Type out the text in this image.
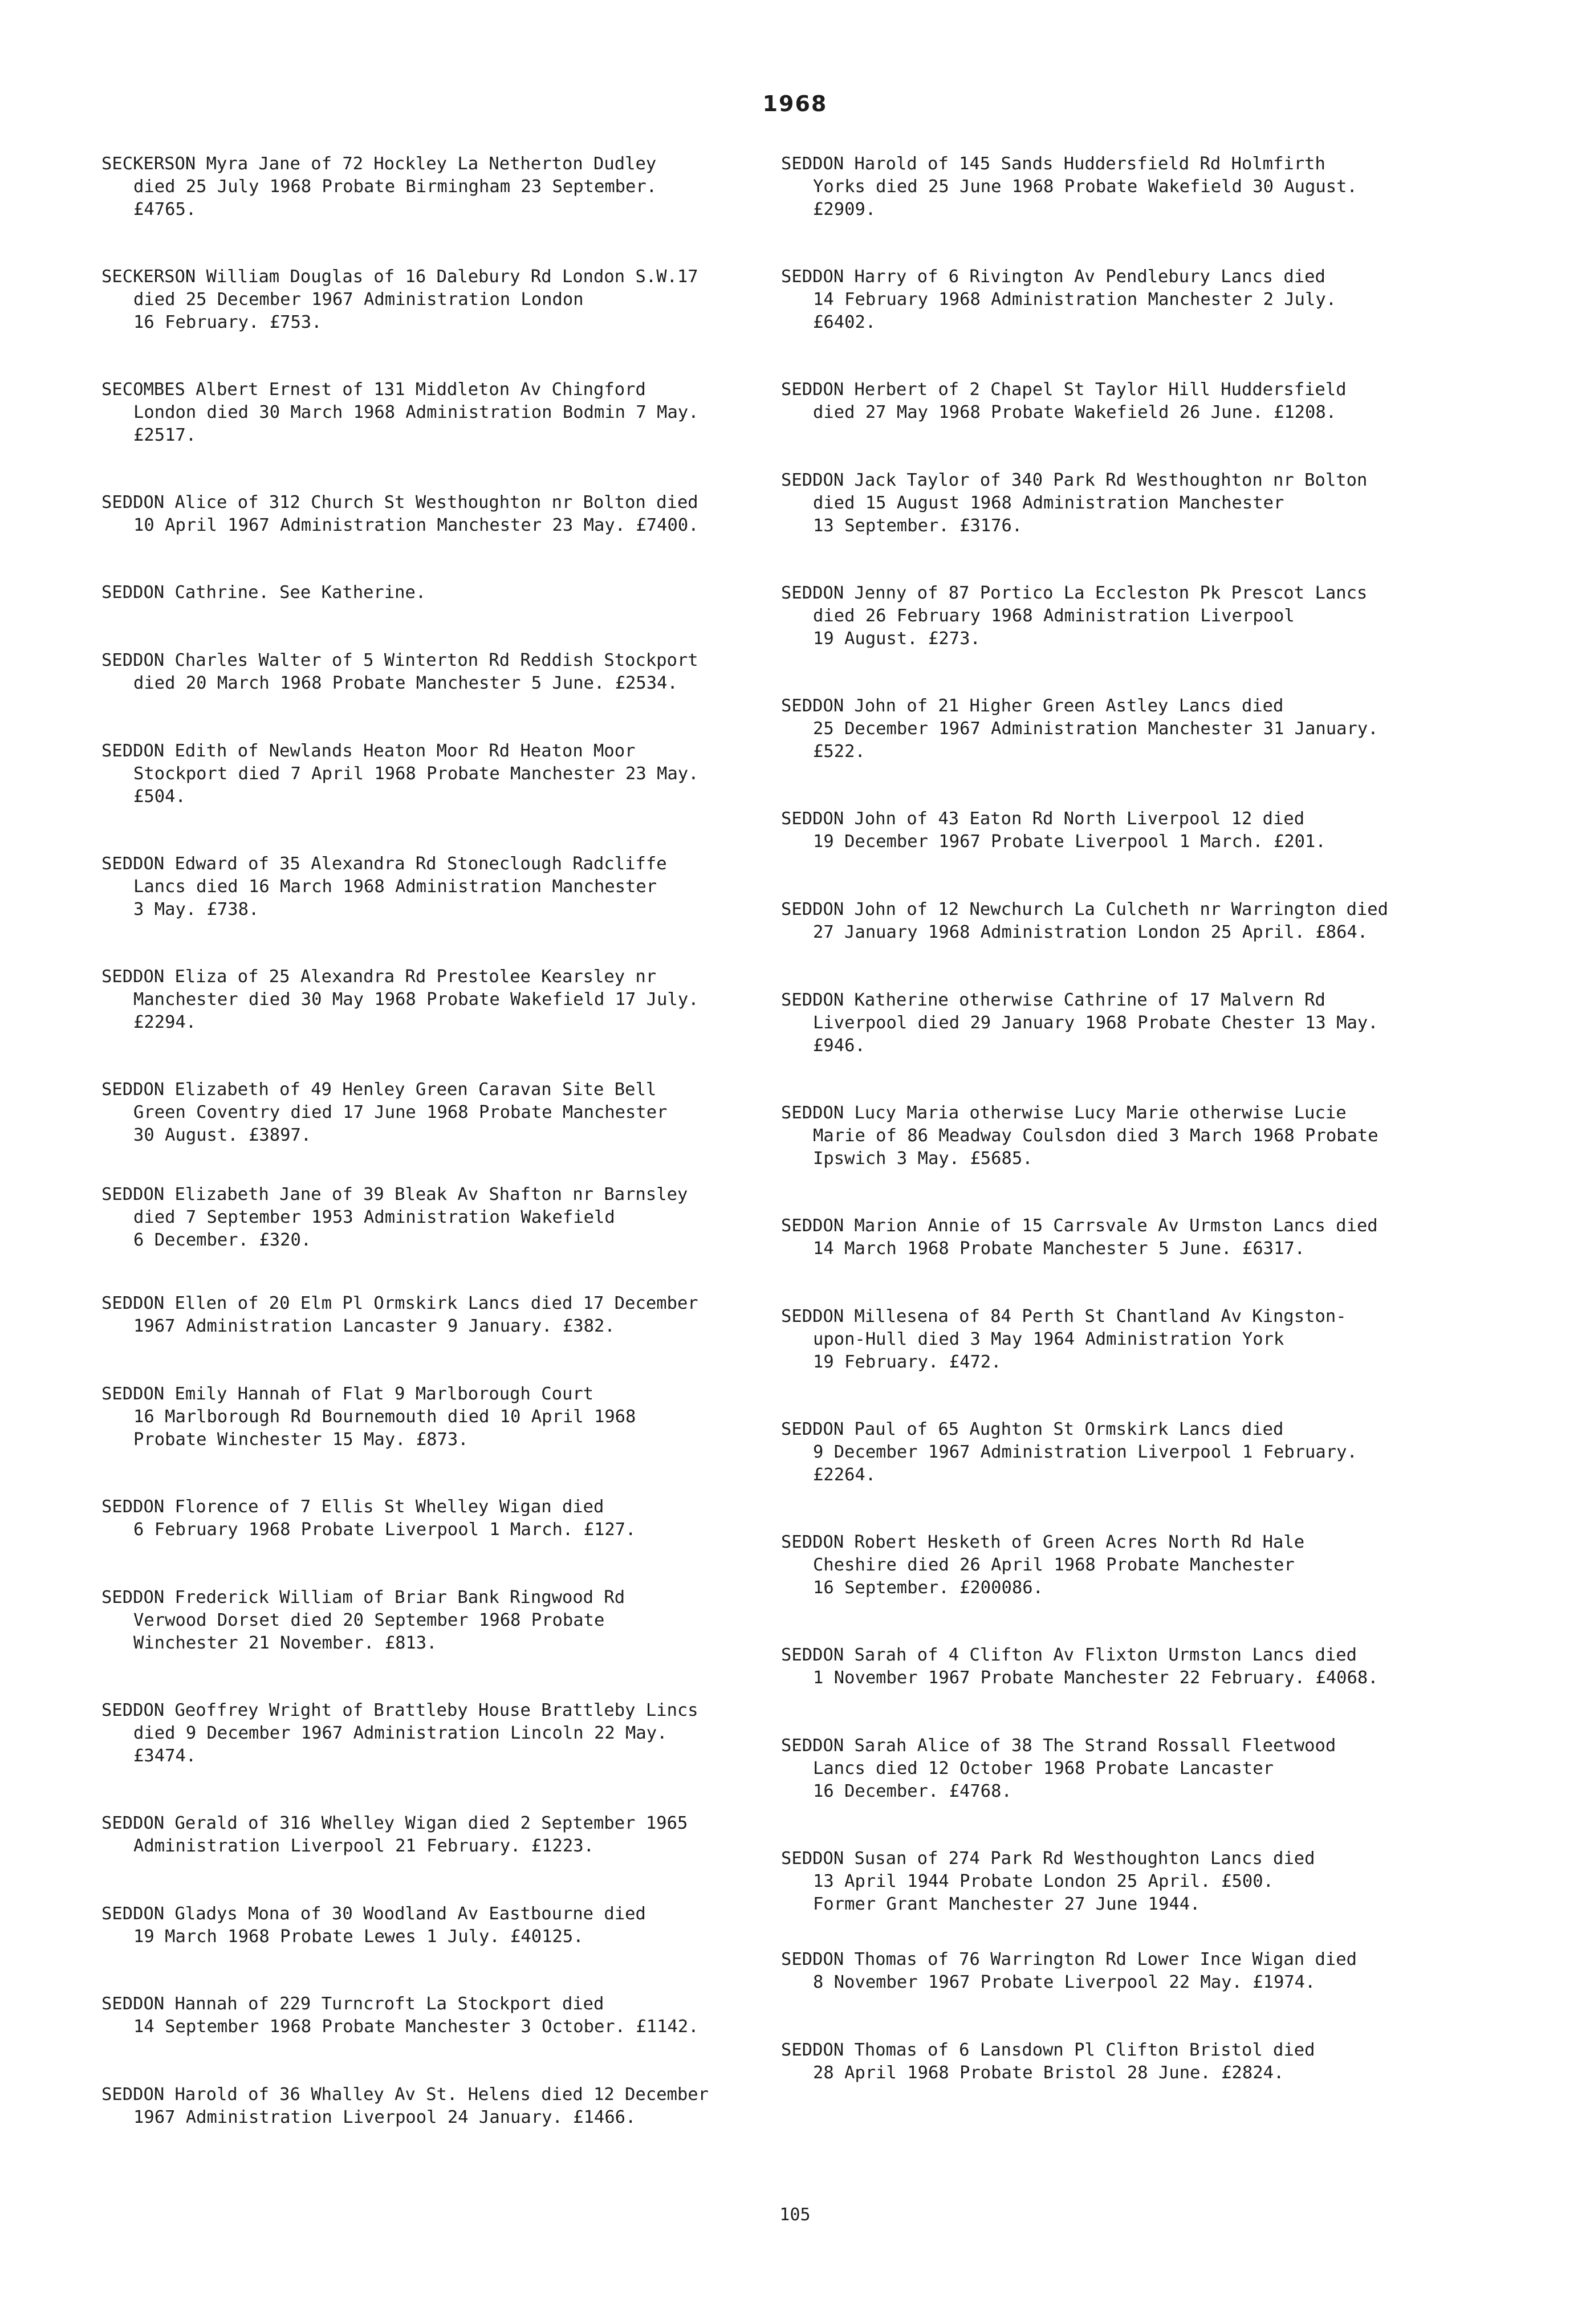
1968
SECKERSON Myra Jane of 72 Hockley La Netherton Dudley
died 25 July 1968 Probate Birmingham 23 September.
£4765.
SECKERSON William Douglas of 16 Dalebury Rd London S.W.17
died 25 December 1967 Administration London
16 February. £753.
SECOMBES Albert Ernest of 131 Middleton Av Chingford
London died 30 March 1968 Administration Bodmin 7 May.
£2517.
SEDDON Alice of 312 Church St Westhoughton nr Bolton died
10 April 1967 Administration Manchester 23 May. £7400.
SEDDON Cathrine. See Katherine.
SEDDON Charles Walter of 5 Winterton Rd Reddish Stockport
died 20 March 1968 Probate Manchester 5 June. £2534.
SEDDON Edith of Newlands Heaton Moor Rd Heaton Moor
Stockport died 7 April 1968 Probate Manchester 23 May.
£504.
SEDDON Edward of 35 Alexandra Rd Stoneclough Radcliffe
Lancs died 16 March 1968 Administration Manchester
3 May. £738.
SEDDON Eliza of 25 Alexandra Rd Prestolee Kearsley nr
Manchester died 30 May 1968 Probate Wakefield 17 July.
£2294.
SEDDON Elizabeth of 49 Henley Green Caravan Site Bell
Green Coventry died 17 June 1968 Probate Manchester
30 August. £3897.
SEDDON Elizabeth Jane of 39 Bleak Av Shafton nr Barnsley
died 7 September 1953 Administration Wakefield
6 December. £320.
SEDDON Ellen of 20 Elm Pl Ormskirk Lancs died 17 December
1967 Administration Lancaster 9 January. £382.
SEDDON Emily Hannah of Flat 9 Marlborough Court
16 Marlborough Rd Bournemouth died 10 April 1968
Probate Winchester 15 May. £873.
SEDDON Florence of 7 Ellis St Whelley Wigan died
6 February 1968 Probate Liverpool 1 March. £127.
SEDDON Frederick William of Briar Bank Ringwood Rd
Verwood Dorset died 20 September 1968 Probate
Winchester 21 November. £813.
SEDDON Geoffrey Wright of Brattleby House Brattleby Lincs
died 9 December 1967 Administration Lincoln 22 May.
£3474.
SEDDON Gerald of 316 Whelley Wigan died 2 September 1965
Administration Liverpool 21 February. £1223.
SEDDON Gladys Mona of 30 Woodland Av Eastbourne died
19 March 1968 Probate Lewes 1 July. £40125.
SEDDON Hannah of 229 Turncroft La Stockport died
14 September 1968 Probate Manchester 3 October. £1142.
SEDDON Harold of 36 Whalley Av St. Helens died 12 December
1967 Administration Liverpool 24 January. £1466.
SEDDON Harold of 145 Sands Huddersfield Rd Holmfirth
Yorks died 25 June 1968 Probate Wakefield 30 August.
£2909.
SEDDON Harry of 6 Rivington Av Pendlebury Lancs died
14 February 1968 Administration Manchester 2 July.
£6402.
SEDDON Herbert of 2 Chapel St Taylor Hill Huddersfield
died 27 May 1968 Probate Wakefield 26 June. £1208.
SEDDON Jack Taylor of 340 Park Rd Westhoughton nr Bolton
died 15 August 1968 Administration Manchester
13 September. £3176.
SEDDON Jenny of 87 Portico La Eccleston Pk Prescot Lancs
died 26 February 1968 Administration Liverpool
19 August. £273.
SEDDON John of 21 Higher Green Astley Lancs died
25 December 1967 Administration Manchester 31 January.
£522.
SEDDON John of 43 Eaton Rd North Liverpool 12 died
19 December 1967 Probate Liverpool 1 March. £201.
SEDDON John of 12 Newchurch La Culcheth nr Warrington died
27 January 1968 Administration London 25 April. £864.
SEDDON Katherine otherwise Cathrine of 17 Malvern Rd
Liverpool died 29 January 1968 Probate Chester 13 May.
£946.
SEDDON Lucy Maria otherwise Lucy Marie otherwise Lucie
Marie of 86 Meadway Coulsdon died 3 March 1968 Probate
Ipswich 3 May. £5685.
SEDDON Marion Annie of 15 Carrsvale Av Urmston Lancs died
14 March 1968 Probate Manchester 5 June. £6317.
SEDDON Millesena of 84 Perth St Chantland Av Kingston-
upon-Hull died 3 May 1964 Administration York
19 February. £472.
SEDDON Paul of 65 Aughton St Ormskirk Lancs died
9 December 1967 Administration Liverpool 1 February.
£2264.
SEDDON Robert Hesketh of Green Acres North Rd Hale
Cheshire died 26 April 1968 Probate Manchester
16 September. £200086.
SEDDON Sarah of 4 Clifton Av Flixton Urmston Lancs died
1 November 1967 Probate Manchester 22 February. £4068.
SEDDON Sarah Alice of 38 The Strand Rossall Fleetwood
Lancs died 12 October 1968 Probate Lancaster
16 December. £4768.
SEDDON Susan of 274 Park Rd Westhoughton Lancs died
13 April 1944 Probate London 25 April. £500.
Former Grant Manchester 27 June 1944.
SEDDON Thomas of 76 Warrington Rd Lower Ince Wigan died
8 November 1967 Probate Liverpool 22 May. £1974.
SEDDON Thomas of 6 Lansdown Pl Clifton Bristol died
28 April 1968 Probate Bristol 28 June. £2824.
105
